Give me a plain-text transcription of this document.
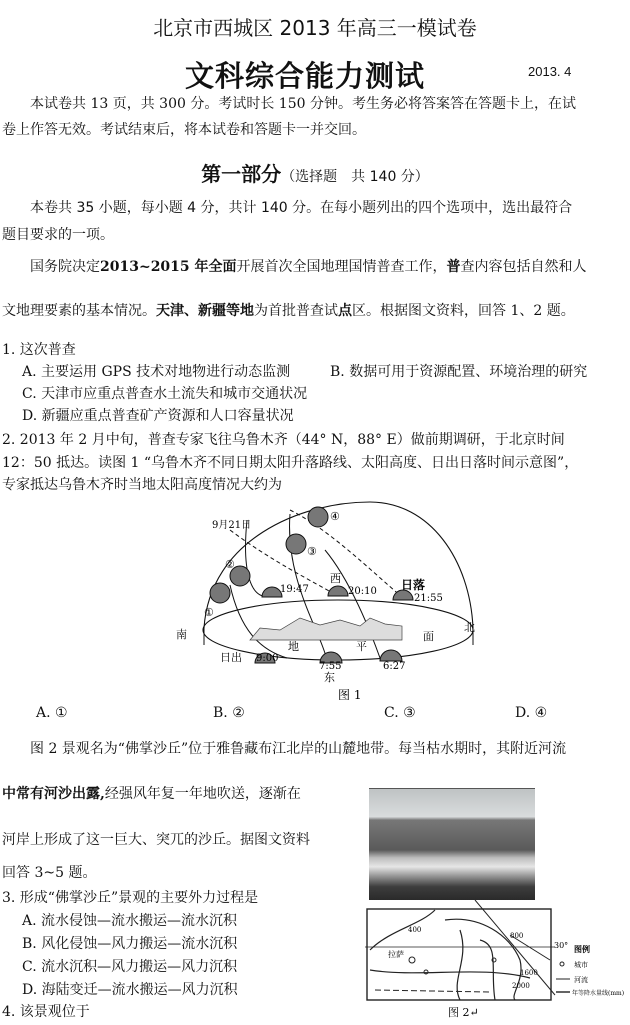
北京市西城区 2013 年高三一模试卷
文科综合能力测试	2013. 4
本试卷共 13 页，共 300 分。考试时长 150 分钟。考生务必将答案答在答题卡上，在试
卷上作答无效。考试结束后，将本试卷和答题卡一并交回。
第一部分（选择题　共 140 分）
本卷共 35 小题，每小题 4 分，共计 140 分。在每小题列出的四个选项中，选出最符合
题目要求的一项。
国务院决定2013~2015 年全面开展首次全国地理国情普查工作，普查内容包括自然和人
文地理要素的基本情况。天津、新疆等地为首批普查试点区。根据图文资料，回答 1、2 题。
1. 这次普查
A. 主要运用 GPS 技术对地物进行动态监测	B. 数据可用于资源配置、环境治理的研究
C. 天津市应重点普查水土流失和城市交通状况
D. 新疆应重点普查矿产资源和人口容量状况
2. 2013 年 2 月中旬，普查专家飞往乌鲁木齐（44° N，88° E）做前期调研，于北京时间
12：50 抵达。读图 1 “乌鲁木齐不同日期太阳升落路线、太阳高度、日出日落时间示意图”，
专家抵达乌鲁木齐时当地太阳高度情况大约为
南
北
9月21日
①
②
③
④
19:47	20:10
21:55
西	日落
日出 9:00
7:55	6:27
东
地	平
面
图 1
A. ①	B. ②	C. ③	D. ④
图 2 景观名为“佛掌沙丘”位于雅鲁藏布江北岸的山麓地带。每当枯水期时，其附近河流
中常有河沙出露,经强风年复一年地吹送，逐渐在
河岸上形成了这一巨大、突兀的沙丘。据图文资料
回答 3~5 题。
3. 形成“佛掌沙丘”景观的主要外力过程是
A. 流水侵蚀—流水搬运—流水沉积
B. 风化侵蚀—风力搬运—流水沉积
C. 流水沉积—风力搬运—风力沉积
D. 海陆变迁—流水搬运—风力沉积
4. 该景观位于
拉萨
30°
400
800
1600
2000
图例
城市
河流
年等降水量线(mm)
图 2↵
